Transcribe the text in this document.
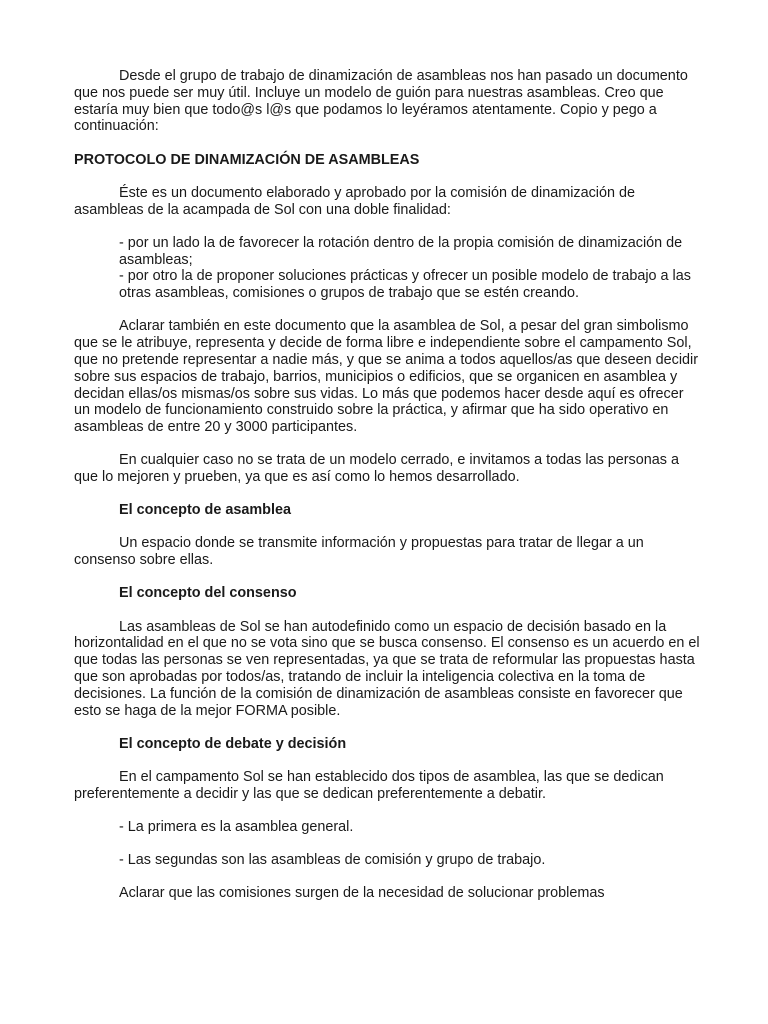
Desde el grupo de trabajo de dinamización de asambleas nos han pasado un documento que nos puede ser muy útil. Incluye un modelo de guión para nuestras asambleas. Creo que estaría muy bien que todo@s l@s que podamos lo leyéramos atentamente. Copio y pego a continuación:

PROTOCOLO DE DINAMIZACIÓN DE ASAMBLEAS

Éste es un documento elaborado y aprobado por la comisión de dinamización de asambleas de la acampada de Sol con una doble finalidad:

- por un lado la de favorecer la rotación dentro de la propia comisión de dinamización de asambleas;
- por otro la de proponer soluciones prácticas y ofrecer un posible modelo de trabajo a las otras asambleas, comisiones o grupos de trabajo que se estén creando.

Aclarar también en este documento que la asamblea de Sol, a pesar del gran simbolismo que se le atribuye, representa y decide de forma libre e independiente sobre el campamento Sol, que no pretende representar a nadie más, y que se anima a todos aquellos/as que deseen decidir sobre sus espacios de trabajo, barrios, municipios o edificios, que se organicen en asamblea y decidan ellas/os mismas/os sobre sus vidas. Lo más que podemos hacer desde aquí es ofrecer un modelo de funcionamiento construido sobre la práctica, y afirmar que ha sido operativo en asambleas de entre 20 y 3000 participantes.

En cualquier caso no se trata de un modelo cerrado, e invitamos a todas las personas a que lo mejoren y prueben, ya que es así como lo hemos desarrollado.

El concepto de asamblea

Un espacio donde se transmite información y propuestas para tratar de llegar a un consenso sobre ellas.

El concepto del consenso

Las asambleas de Sol se han autodefinido como un espacio de decisión basado en la horizontalidad en el que no se vota sino que se busca consenso. El consenso es un acuerdo en el que todas las personas se ven representadas, ya que se trata de reformular las propuestas hasta que son aprobadas por todos/as, tratando de incluir la inteligencia colectiva en la toma de decisiones. La función de la comisión de dinamización de asambleas consiste en favorecer que esto se haga de la mejor FORMA posible.

El concepto de debate y decisión

En el campamento Sol se han establecido dos tipos de asamblea, las que se dedican preferentemente a decidir y las que se dedican preferentemente a debatir.

- La primera es la asamblea general.

- Las segundas son las asambleas de comisión y grupo de trabajo.

Aclarar que las comisiones surgen de la necesidad de solucionar problemas
